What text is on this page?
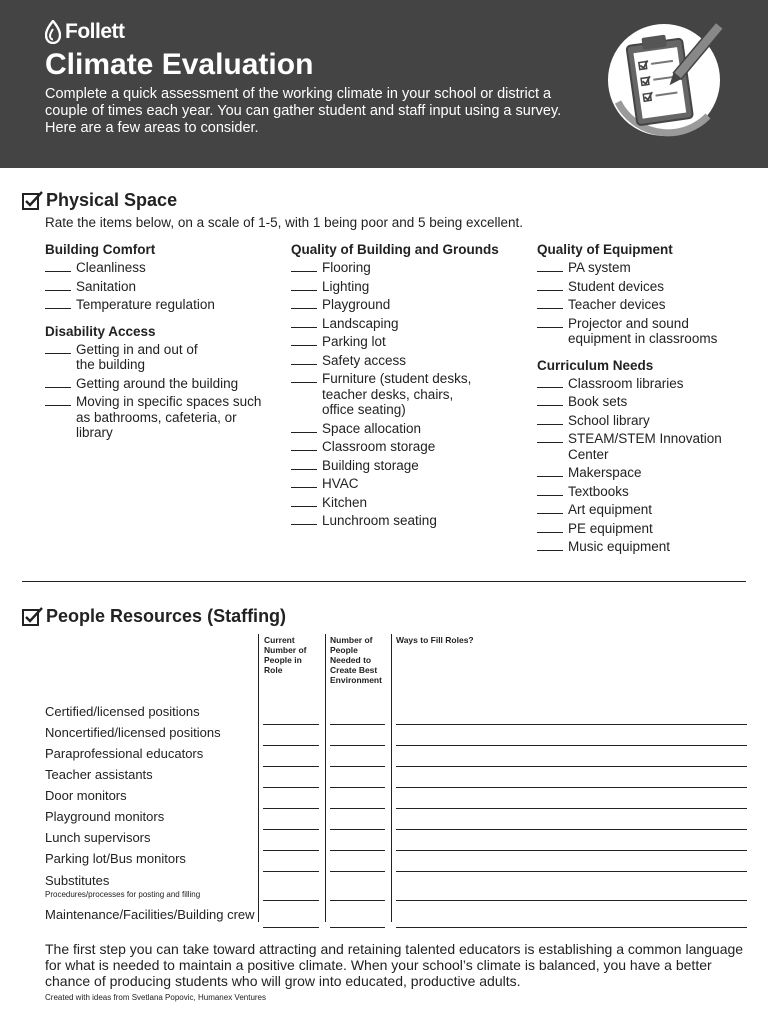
Follett
Climate Evaluation
Complete a quick assessment of the working climate in your school or district a couple of times each year. You can gather student and staff input using a survey. Here are a few areas to consider.
Physical Space
Rate the items below, on a scale of 1-5, with 1 being poor and 5 being excellent.
Building Comfort
Cleanliness
Sanitation
Temperature regulation
Disability Access
Getting in and out of the building
Getting around the building
Moving in specific spaces such as bathrooms, cafeteria, or library
Quality of Building and Grounds
Flooring
Lighting
Playground
Landscaping
Parking lot
Safety access
Furniture (student desks, teacher desks, chairs, office seating)
Space allocation
Classroom storage
Building storage
HVAC
Kitchen
Lunchroom seating
Quality of Equipment
PA system
Student devices
Teacher devices
Projector and sound equipment in classrooms
Curriculum Needs
Classroom libraries
Book sets
School library
STEAM/STEM Innovation Center
Makerspace
Textbooks
Art equipment
PE equipment
Music equipment
People Resources (Staffing)
Current Number of People in Role
Number of People Needed to Create Best Environment
Ways to Fill Roles?
Certified/licensed positions
Noncertified/licensed positions
Paraprofessional educators
Teacher assistants
Door monitors
Playground monitors
Lunch supervisors
Parking lot/Bus monitors
Substitutes
Procedures/processes for posting and filling
Maintenance/Facilities/Building crew
The first step you can take toward attracting and retaining talented educators is establishing a common language for what is needed to maintain a positive climate. When your school’s climate is balanced, you have a better chance of producing students who will grow into educated, productive adults.
Created with ideas from Svetlana Popovic, Humanex Ventures
